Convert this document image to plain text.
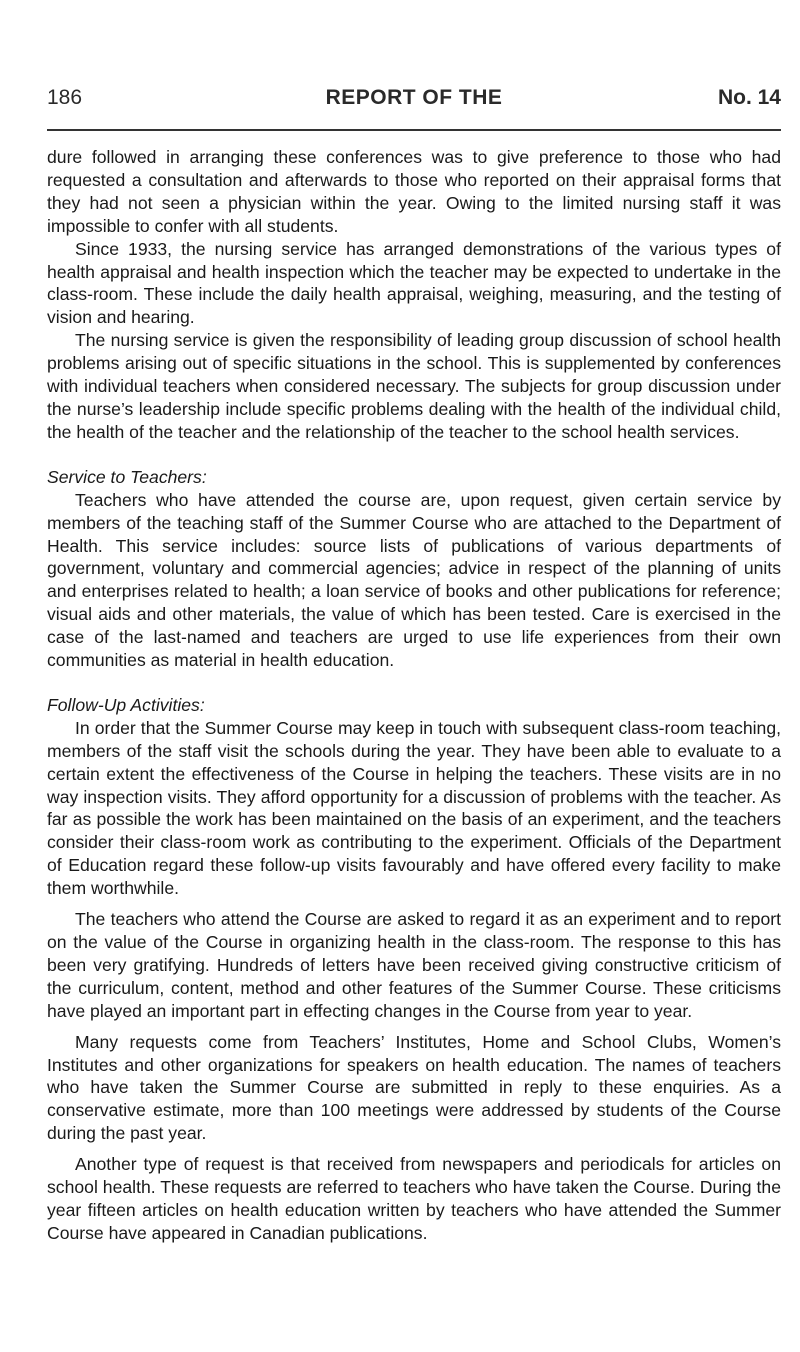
186	REPORT OF THE	No. 14

dure followed in arranging these conferences was to give preference to those who had requested a consultation and afterwards to those who reported on their appraisal forms that they had not seen a physician within the year. Owing to the limited nursing staff it was impossible to confer with all students.

Since 1933, the nursing service has arranged demonstrations of the various types of health appraisal and health inspection which the teacher may be expected to undertake in the class-room. These include the daily health appraisal, weighing, measuring, and the testing of vision and hearing.

The nursing service is given the responsibility of leading group discussion of school health problems arising out of specific situations in the school. This is supplemented by conferences with individual teachers when considered necessary. The subjects for group discussion under the nurse’s leadership include specific problems dealing with the health of the individual child, the health of the teacher and the relationship of the teacher to the school health services.

Service to Teachers:

Teachers who have attended the course are, upon request, given certain service by members of the teaching staff of the Summer Course who are attached to the Department of Health. This service includes: source lists of publications of various departments of government, voluntary and commercial agencies; advice in respect of the planning of units and enterprises related to health; a loan service of books and other publications for reference; visual aids and other materials, the value of which has been tested. Care is exercised in the case of the last-named and teachers are urged to use life experiences from their own communities as material in health education.

Follow-Up Activities:

In order that the Summer Course may keep in touch with subsequent class-room teaching, members of the staff visit the schools during the year. They have been able to evaluate to a certain extent the effectiveness of the Course in helping the teachers. These visits are in no way inspection visits. They afford opportunity for a discussion of problems with the teacher. As far as possible the work has been maintained on the basis of an experiment, and the teachers consider their class-room work as contributing to the experiment. Officials of the Department of Education regard these follow-up visits favourably and have offered every facility to make them worthwhile.

The teachers who attend the Course are asked to regard it as an experiment and to report on the value of the Course in organizing health in the class-room. The response to this has been very gratifying. Hundreds of letters have been received giving constructive criticism of the curriculum, content, method and other features of the Summer Course. These criticisms have played an important part in effecting changes in the Course from year to year.

Many requests come from Teachers’ Institutes, Home and School Clubs, Women’s Institutes and other organizations for speakers on health education. The names of teachers who have taken the Summer Course are submitted in reply to these enquiries. As a conservative estimate, more than 100 meetings were addressed by students of the Course during the past year.

Another type of request is that received from newspapers and periodicals for articles on school health. These requests are referred to teachers who have taken the Course. During the year fifteen articles on health education written by teachers who have attended the Summer Course have appeared in Canadian publications.
